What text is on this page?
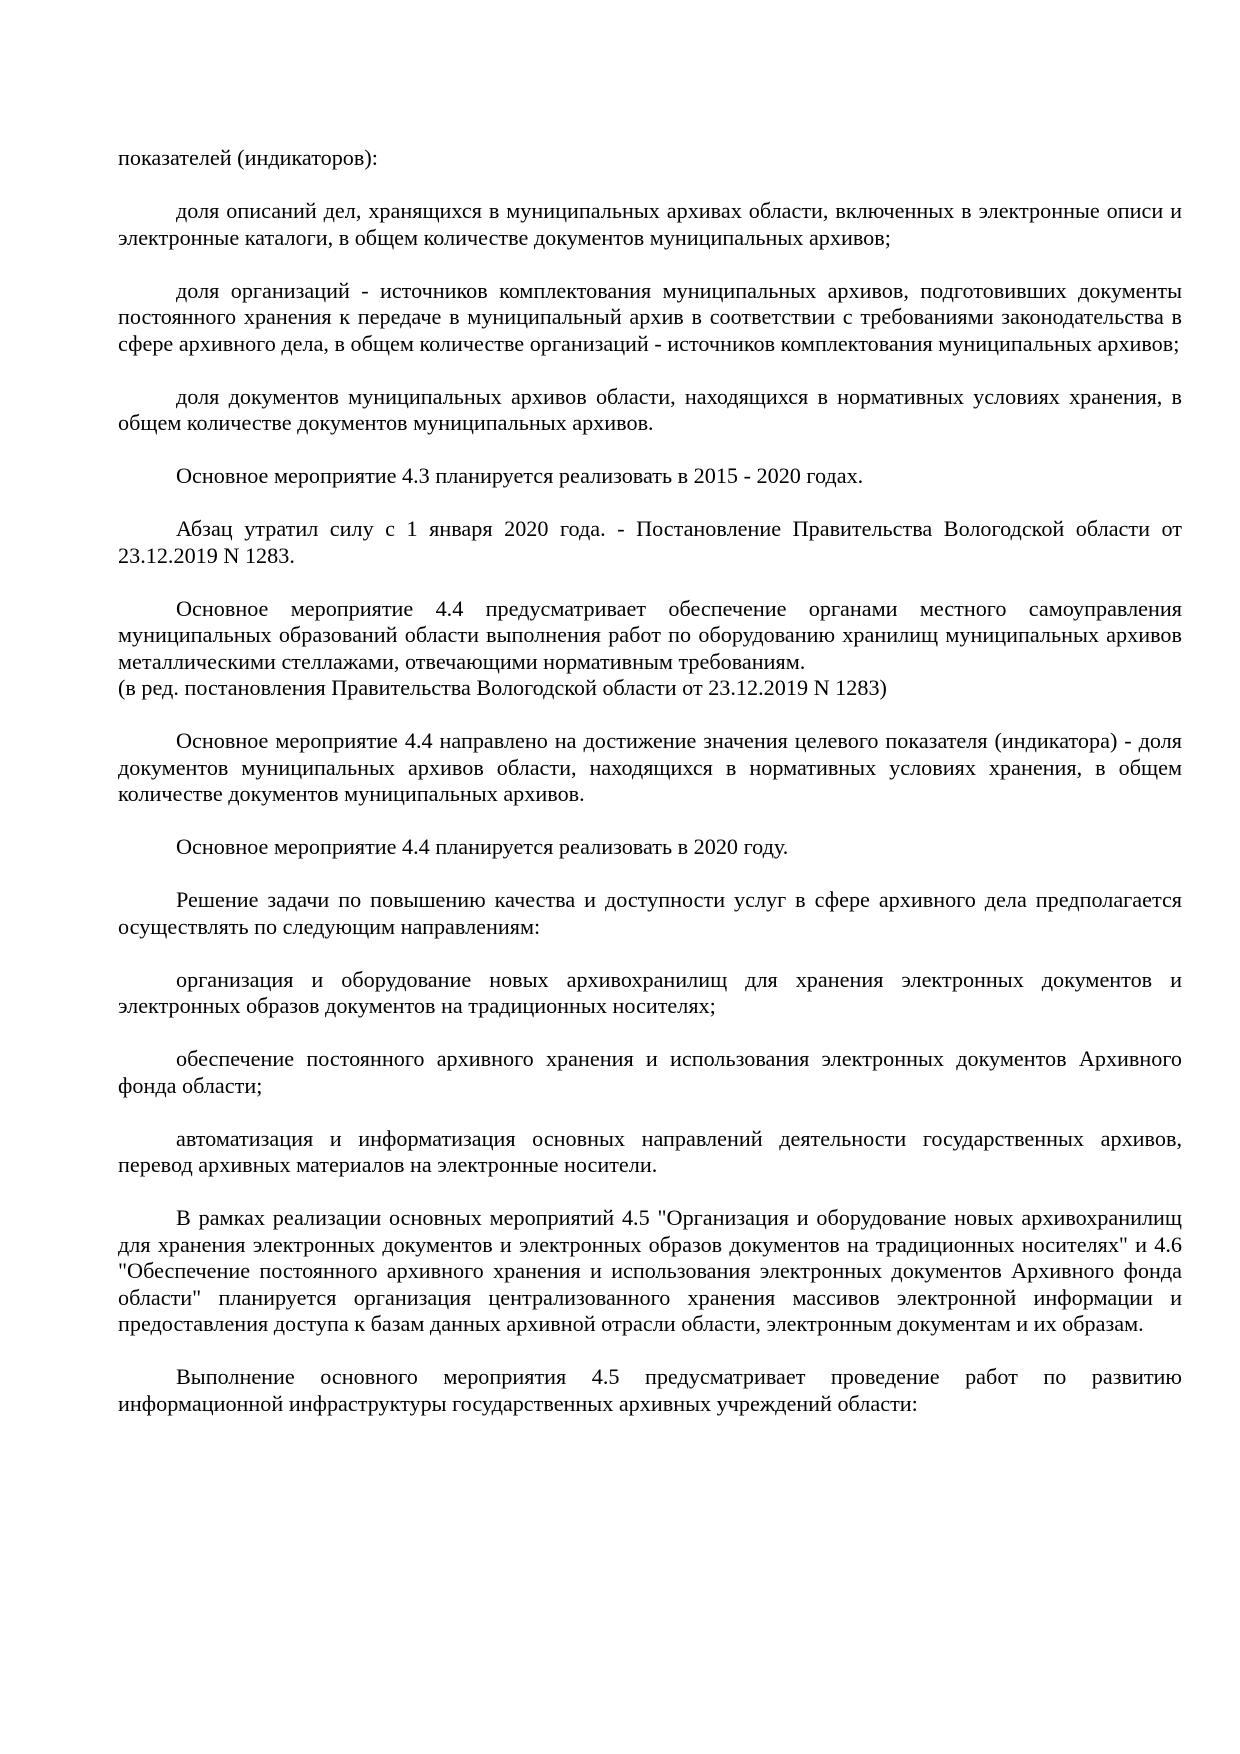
показателей (индикаторов):

доля описаний дел, хранящихся в муниципальных архивах области, включенных в электронные описи и электронные каталоги, в общем количестве документов муниципальных архивов;

доля организаций - источников комплектования муниципальных архивов, подготовивших документы постоянного хранения к передаче в муниципальный архив в соответствии с требованиями законодательства в сфере архивного дела, в общем количестве организаций - источников комплектования муниципальных архивов;

доля документов муниципальных архивов области, находящихся в нормативных условиях хранения, в общем количестве документов муниципальных архивов.

Основное мероприятие 4.3 планируется реализовать в 2015 - 2020 годах.

Абзац утратил силу с 1 января 2020 года. - Постановление Правительства Вологодской области от 23.12.2019 N 1283.

Основное мероприятие 4.4 предусматривает обеспечение органами местного самоуправления муниципальных образований области выполнения работ по оборудованию хранилищ муниципальных архивов металлическими стеллажами, отвечающими нормативным требованиям.

(в ред. постановления Правительства Вологодской области от 23.12.2019 N 1283)

Основное мероприятие 4.4 направлено на достижение значения целевого показателя (индикатора) - доля документов муниципальных архивов области, находящихся в нормативных условиях хранения, в общем количестве документов муниципальных архивов.

Основное мероприятие 4.4 планируется реализовать в 2020 году.

Решение задачи по повышению качества и доступности услуг в сфере архивного дела предполагается осуществлять по следующим направлениям:

организация и оборудование новых архивохранилищ для хранения электронных документов и электронных образов документов на традиционных носителях;

обеспечение постоянного архивного хранения и использования электронных документов Архивного фонда области;

автоматизация и информатизация основных направлений деятельности государственных архивов, перевод архивных материалов на электронные носители.

В рамках реализации основных мероприятий 4.5 "Организация и оборудование новых архивохранилищ для хранения электронных документов и электронных образов документов на традиционных носителях" и 4.6 "Обеспечение постоянного архивного хранения и использования электронных документов Архивного фонда области" планируется организация централизованного хранения массивов электронной информации и предоставления доступа к базам данных архивной отрасли области, электронным документам и их образам.

Выполнение основного мероприятия 4.5 предусматривает проведение работ по развитию информационной инфраструктуры государственных архивных учреждений области:
